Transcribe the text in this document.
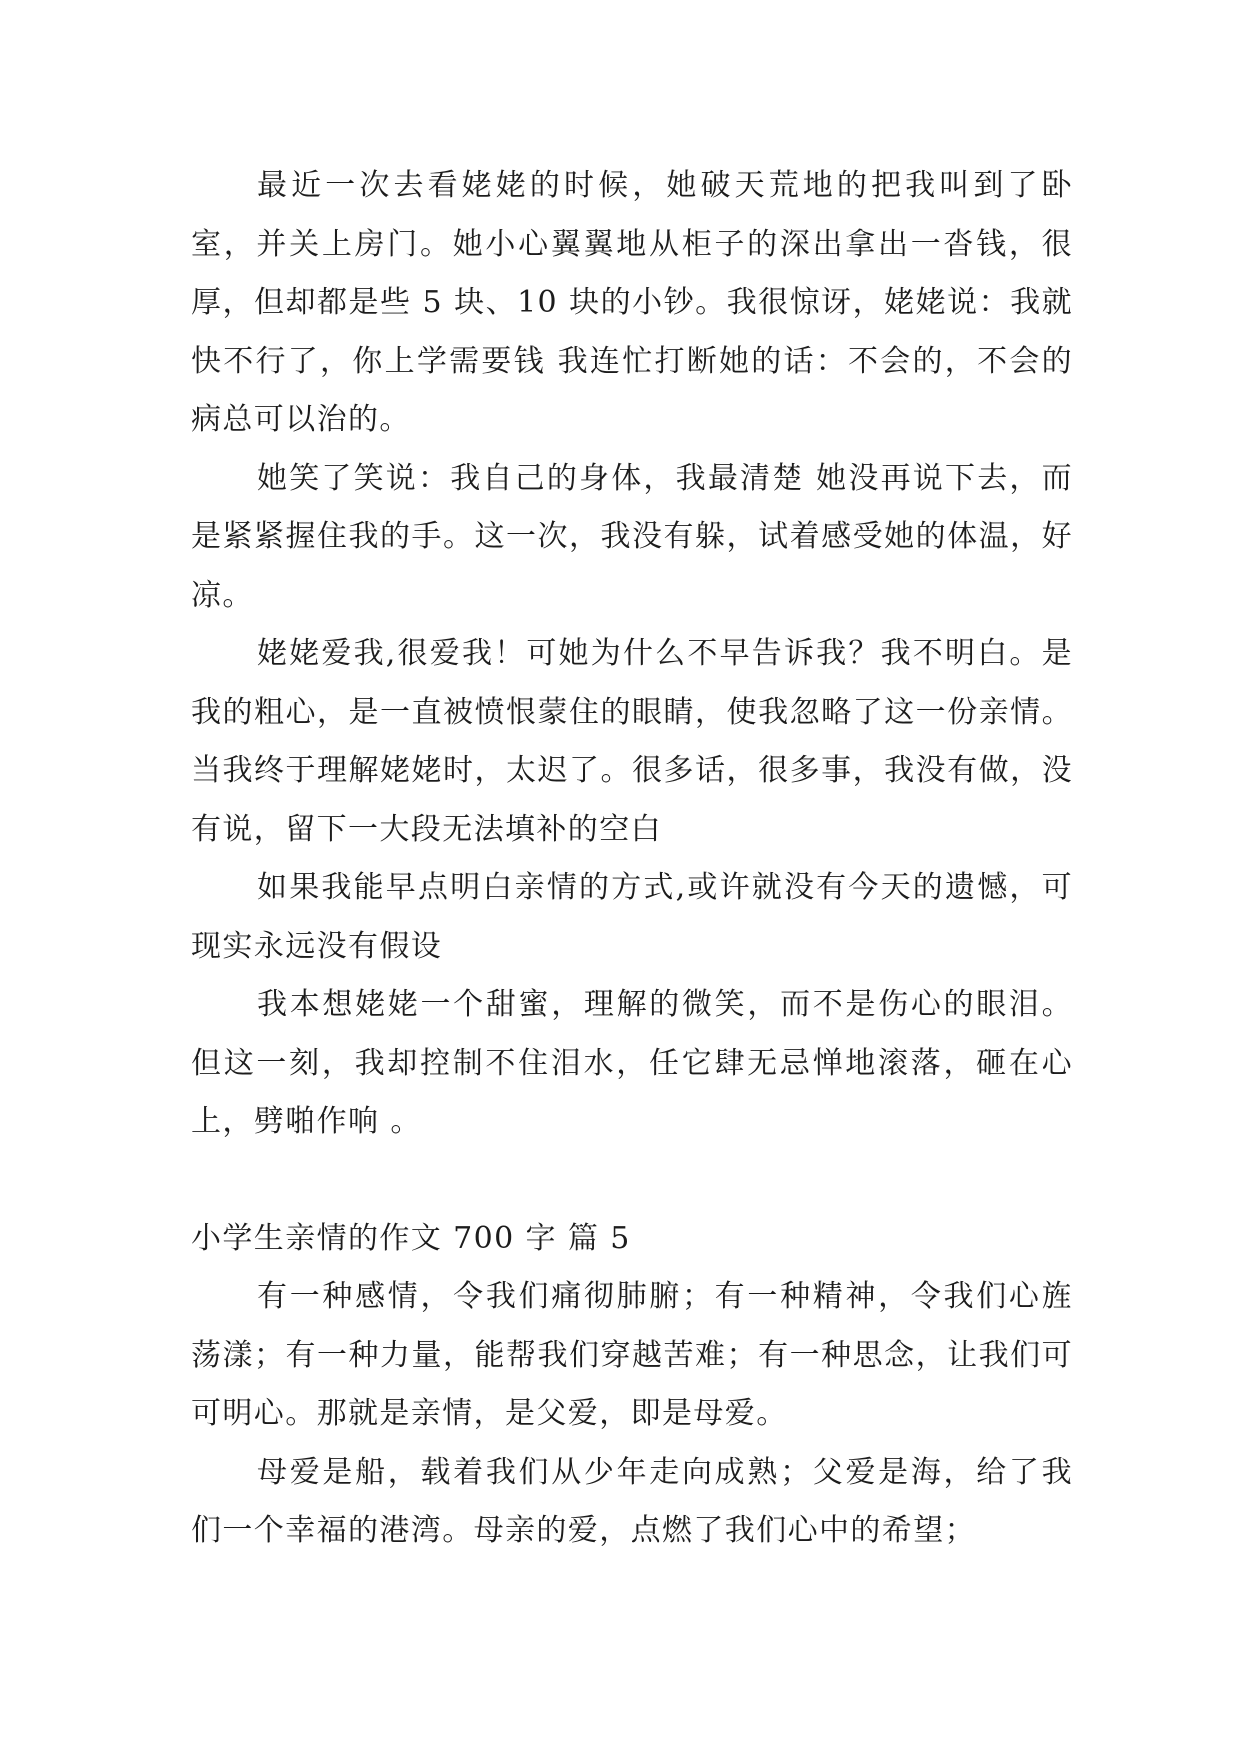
最近一次去看姥姥的时候，她破天荒地的把我叫到了卧室，并关上房门。她小心翼翼地从柜子的深出拿出一沓钱，很厚，但却都是些 5 块、10 块的小钞。我很惊讶，姥姥说：我就快不行了，你上学需要钱 我连忙打断她的话：不会的，不会的病总可以治的。

她笑了笑说：我自己的身体，我最清楚 她没再说下去，而是紧紧握住我的手。这一次，我没有躲，试着感受她的体温，好凉。

姥姥爱我,很爱我！可她为什么不早告诉我？我不明白。是我的粗心，是一直被愤恨蒙住的眼睛，使我忽略了这一份亲情。当我终于理解姥姥时，太迟了。很多话，很多事，我没有做，没有说，留下一大段无法填补的空白

如果我能早点明白亲情的方式,或许就没有今天的遗憾，可现实永远没有假设

我本想姥姥一个甜蜜，理解的微笑，而不是伤心的眼泪。但这一刻，我却控制不住泪水，任它肆无忌惮地滚落，砸在心上，劈啪作响 。

小学生亲情的作文 700 字 篇 5

有一种感情，令我们痛彻肺腑；有一种精神，令我们心旌荡漾；有一种力量，能帮我们穿越苦难；有一种思念，让我们可可明心。那就是亲情，是父爱，即是母爱。

母爱是船，载着我们从少年走向成熟；父爱是海，给了我们一个幸福的港湾。母亲的爱，点燃了我们心中的希望；
